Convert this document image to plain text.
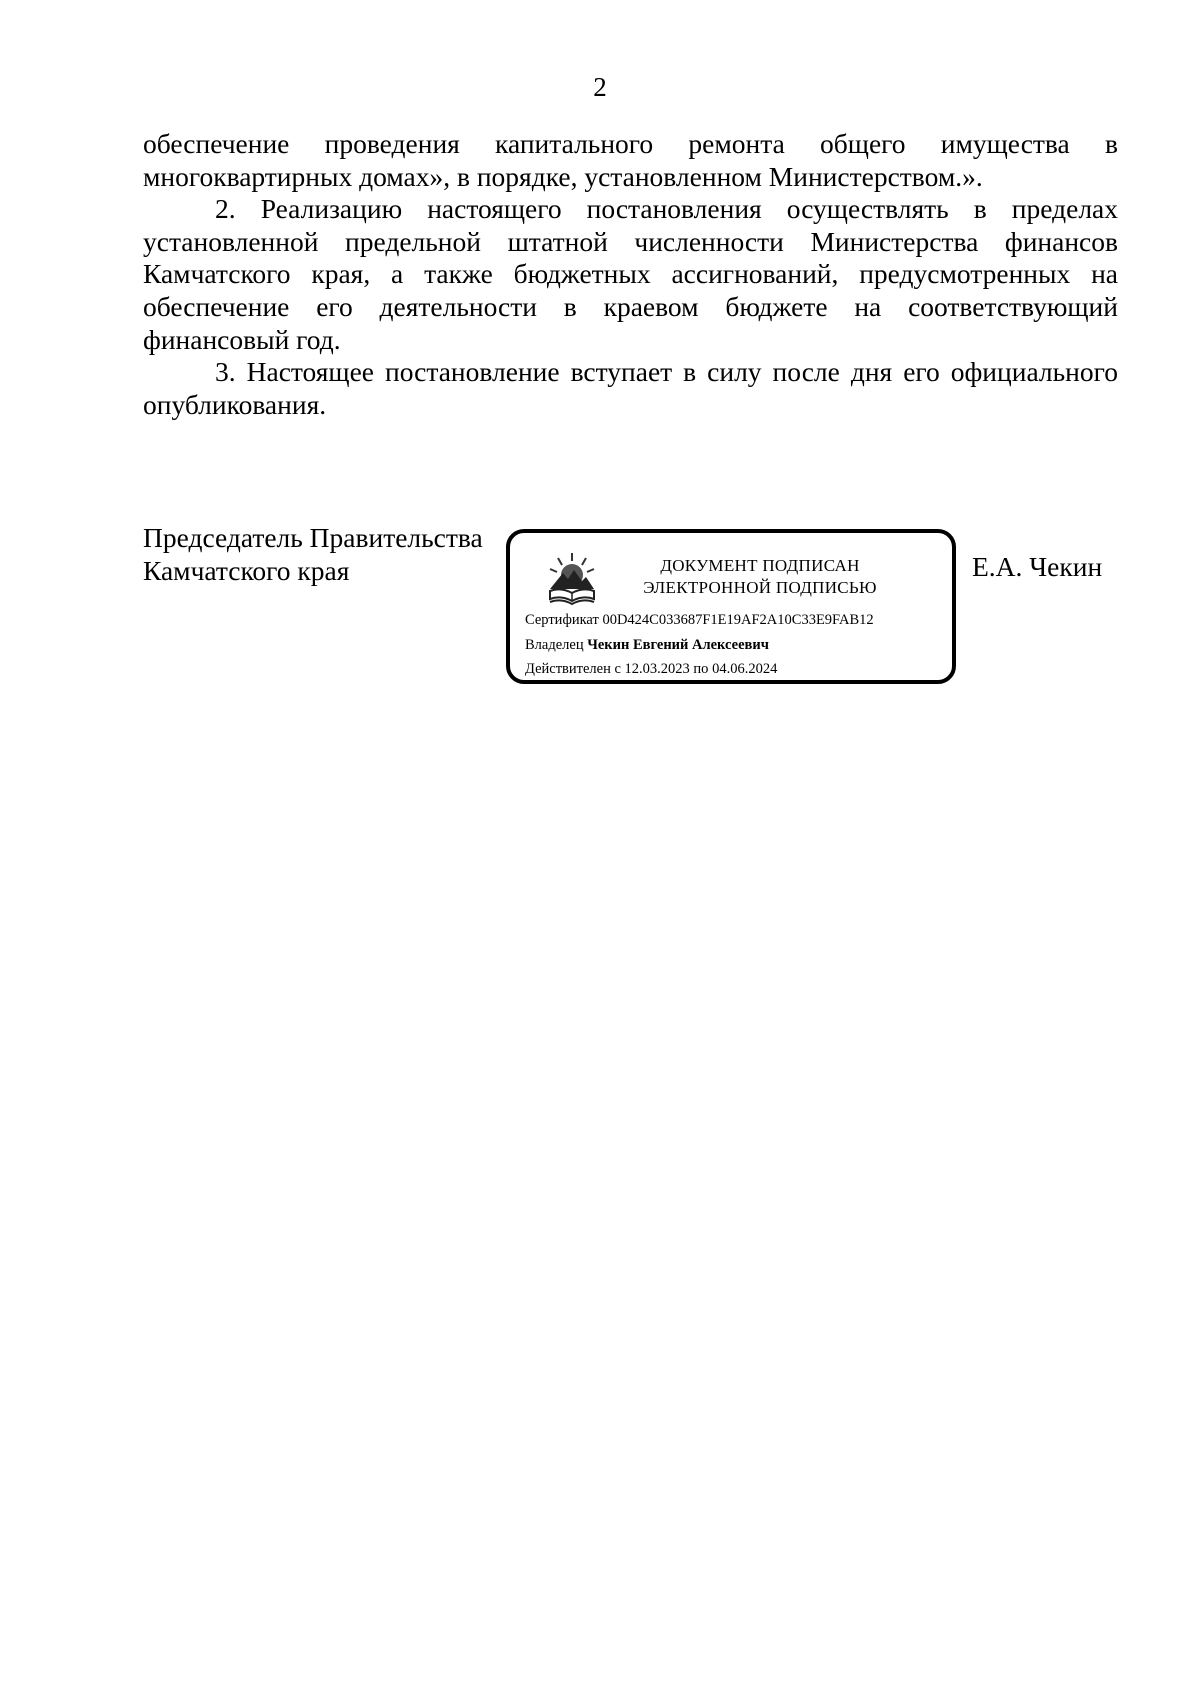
2

обеспечение проведения капитального ремонта общего имущества в многоквартирных домах», в порядке, установленном Министерством.».

2. Реализацию настоящего постановления осуществлять в пределах установленной предельной штатной численности Министерства финансов Камчатского края, а также бюджетных ассигнований, предусмотренных на обеспечение его деятельности в краевом бюджете на соответствующий финансовый год.

3. Настоящее постановление вступает в силу после дня его официального опубликования.

Председатель Правительства
Камчатского края	ДОКУМЕНТ ПОДПИСАН
ЭЛЕКТРОННОЙ ПОДПИСЬЮ
Сертификат 00D424C033687F1E19AF2A10C33E9FAB12
Владелец Чекин Евгений Алексеевич
Действителен с 12.03.2023 по 04.06.2024
Е.А. Чекин
